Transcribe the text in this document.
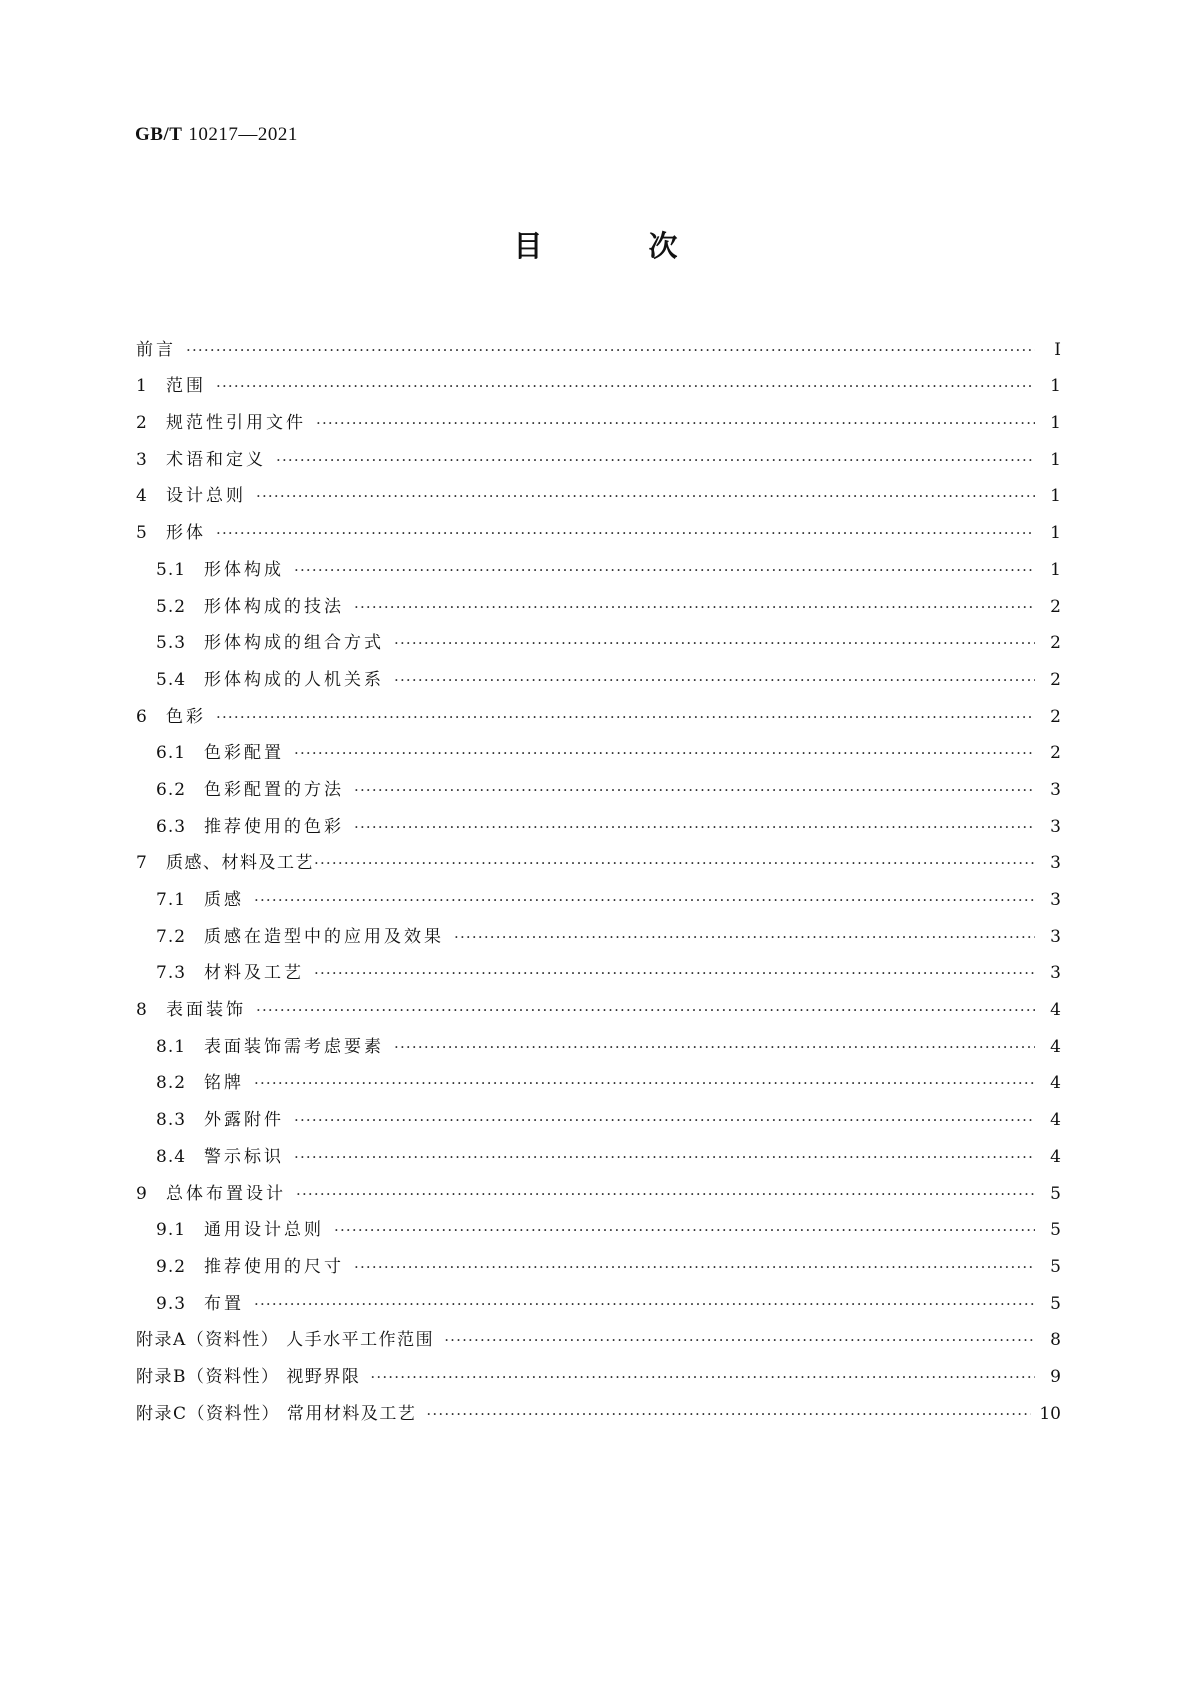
GB/T 10217—2021
目 次
前言 ·····	Ⅰ
1	范围 ·····	1
2	规范性引用文件 ·····	1
3	术语和定义 ·····	1
4	设计总则 ·····	1
5	形体 ·····	1
5.1	形体构成 ·····	1
5.2	形体构成的技法 ·····	2
5.3	形体构成的组合方式 ·····	2
5.4	形体构成的人机关系 ·····	2
6	色彩 ·····	2
6.1	色彩配置 ·····	2
6.2	色彩配置的方法 ·····	3
6.3	推荐使用的色彩 ·····	3
7	质感、材料及工艺 ·····	3
7.1	质感 ·····	3
7.2	质感在造型中的应用及效果 ·····	3
7.3	材料及工艺 ·····	3
8	表面装饰 ·····	4
8.1	表面装饰需考虑要素 ·····	4
8.2	铭牌 ·····	4
8.3	外露附件 ·····	4
8.4	警示标识 ·····	4
9	总体布置设计 ·····	5
9.1	通用设计总则 ·····	5
9.2	推荐使用的尺寸 ·····	5
9.3	布置 ·····	5
附录A（资料性） 人手水平工作范围 ·····	8
附录B（资料性） 视野界限 ·····	9
附录C（资料性） 常用材料及工艺 ·····	10
